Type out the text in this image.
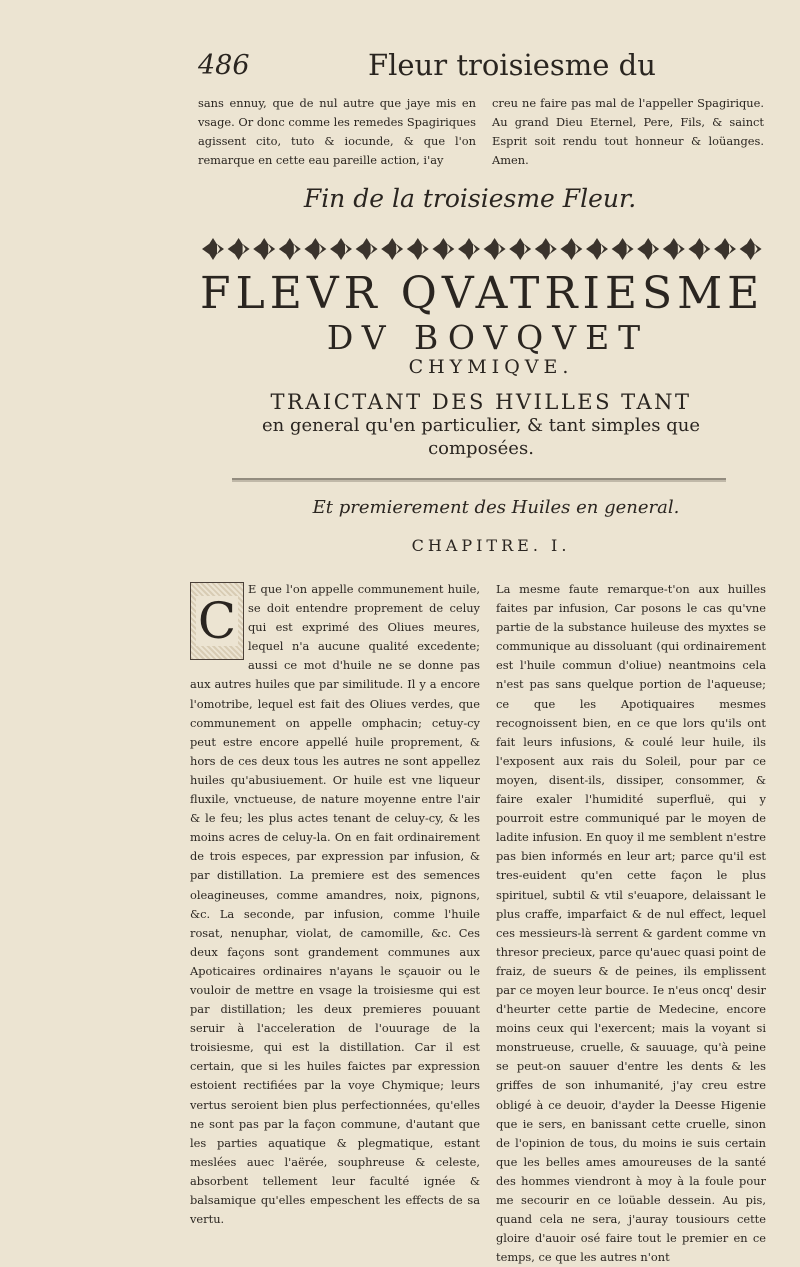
486	Fleur troisiesme du

sans ennuy, que de nul autre que jaye mis en vsage. Or donc comme les remedes Spagiriques agissent cito, tuto & iocunde, & que l'on remarque en cette eau pareille action, i'ay

creu ne faire pas mal de l'appeller Spagirique. Au grand Dieu Eternel, Pere, Fils, & sainct Esprit soit rendu tout honneur & loüanges. Amen.

Fin de la troisiesme Fleur.
FLEVR QVATRIESME
DV BOVQVET
CHYMIQVE.
TRAICTANT DES HVILLES TANT
en general qu'en particulier, & tant simples que composées.
Et premierement des Huiles en general.
CHAPITRE. I.
C

E que l'on appelle communement huile, se doit entendre proprement de celuy qui est exprimé des Oliues meures, lequel n'a aucune qualité excedente; aussi ce mot d'huile ne se donne pas aux autres huiles que par similitude. Il y a encore l'omotribe, lequel est fait des Oliues verdes, que communement on appelle omphacin; cetuy-cy peut estre encore appellé huile proprement, & hors de ces deux tous les autres ne sont appellez huiles qu'abusiuement. Or huile est vne liqueur fluxile, vnctueuse, de nature moyenne entre l'air & le feu; les plus actes tenant de celuy-cy, & les moins acres de celuy-la. On en fait ordinairement de trois especes, par expression par infusion, & par distillation. La premiere est des semences oleagineuses, comme amandres, noix, pignons, &c. La seconde, par infusion, comme l'huile rosat, nenuphar, violat, de camomille, &c. Ces deux façons sont grandement communes aux Apoticaires ordinaires n'ayans le sçauoir ou le vouloir de mettre en vsage la troisiesme qui est par distillation; les deux premieres pouuant seruir à l'acceleration de l'ouurage de la troisiesme, qui est la distillation. Car il est certain, que si les huiles faictes par expression estoient rectifiées par la voye Chymique; leurs vertus seroient bien plus perfectionnées, qu'elles ne sont pas par la façon commune, d'autant que les parties aquatique & plegmatique, estant meslées auec l'aërée, souphreuse & celeste, absorbent tellement leur faculté ignée & balsamique qu'elles empeschent les effects de sa vertu.

La mesme faute remarque-t'on aux huilles faites par infusion, Car posons le cas qu'vne partie de la substance huileuse des myxtes se communique au dissoluant (qui ordinairement est l'huile commun d'oliue) neantmoins cela n'est pas sans quelque portion de l'aqueuse; ce que les Apotiquaires mesmes recognoissent bien, en ce que lors qu'ils ont fait leurs infusions, & coulé leur huile, ils l'exposent aux rais du Soleil, pour par ce moyen, disent-ils, dissiper, consommer, & faire exaler l'humidité superfluë, qui y pourroit estre communiqué par le moyen de ladite infusion. En quoy il me semblent n'estre pas bien informés en leur art; parce qu'il est tres-euident qu'en cette façon le plus spirituel, subtil & vtil s'euapore, delaissant le plus craffe, imparfaict & de nul effect, lequel ces messieurs-là serrent & gardent comme vn thresor precieux, parce qu'auec quasi point de fraiz, de sueurs & de peines, ils emplissent par ce moyen leur bource. Ie n'eus oncq' desir d'heurter cette partie de Medecine, encore moins ceux qui l'exercent; mais la voyant si monstrueuse, cruelle, & sauuage, qu'à peine se peut-on sauuer d'entre les dents & les griffes de son inhumanité, j'ay creu estre obligé à ce deuoir, d'ayder la Deesse Higenie que ie sers, en banissant cette cruelle, sinon de l'opinion de tous, du moins ie suis certain que les belles ames amoureuses de la santé des hommes viendront à moy à la foule pour me secourir en ce loüable dessein. Au pis, quand cela ne sera, j'auray tousiours cette gloire d'auoir osé faire tout le premier en ce temps, ce que les autres n'ont
